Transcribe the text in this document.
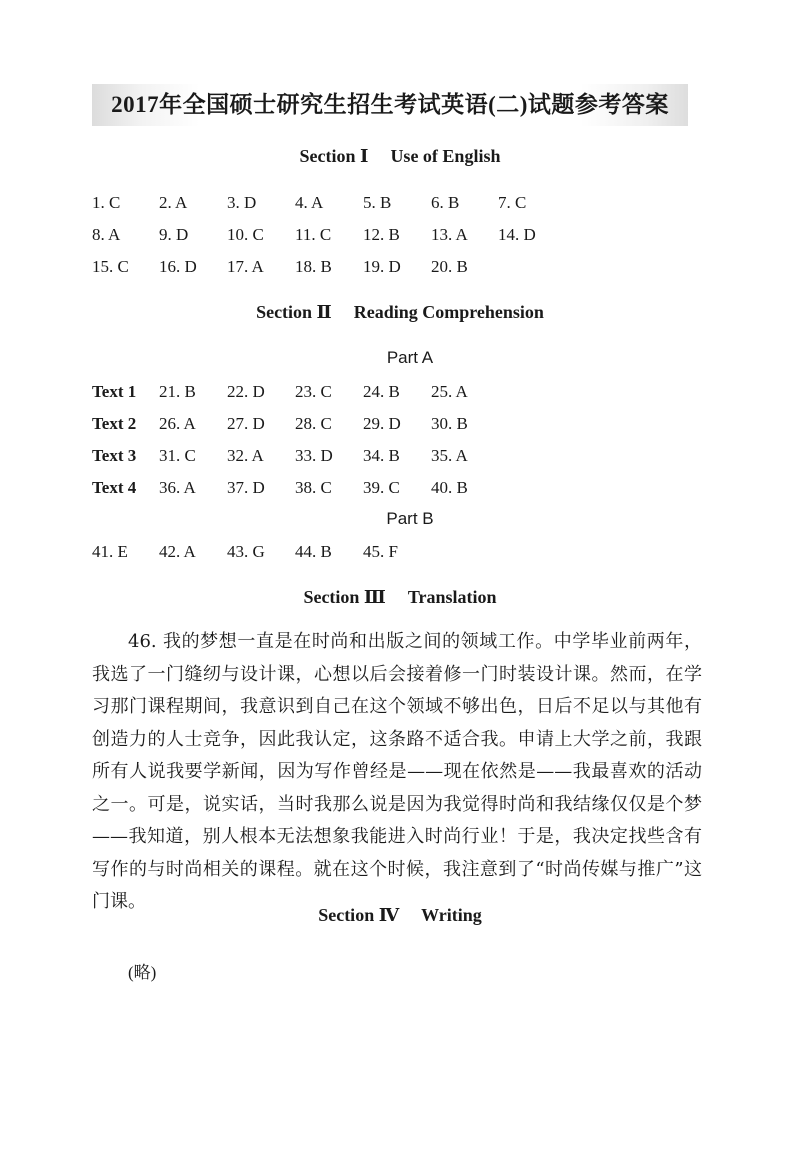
2017年全国硕士研究生招生考试英语(二)试题参考答案
Section Ⅰ Use of English
1. C 2. A 3. D 4. A 5. B 6. B 7. C
8. A 9. D 10. C 11. C 12. B 13. A 14. D
15. C 16. D 17. A 18. B 19. D 20. B
Section Ⅱ Reading Comprehension
Part A
Text 1 21. B 22. D 23. C 24. B 25. A
Text 2 26. A 27. D 28. C 29. D 30. B
Text 3 31. C 32. A 33. D 34. B 35. A
Text 4 36. A 37. D 38. C 39. C 40. B
Part B
41. E 42. A 43. G 44. B 45. F
Section Ⅲ Translation
46. 我的梦想一直是在时尚和出版之间的领域工作。中学毕业前两年，我选了一门缝纫与设计课，心想以后会接着修一门时装设计课。然而，在学习那门课程期间，我意识到自己在这个领域不够出色，日后不足以与其他有创造力的人士竞争，因此我认定，这条路不适合我。申请上大学之前，我跟所有人说我要学新闻，因为写作曾经是——现在依然是——我最喜欢的活动之一。可是，说实话，当时我那么说是因为我觉得时尚和我结缘仅仅是个梦——我知道，别人根本无法想象我能进入时尚行业！于是，我决定找些含有写作的与时尚相关的课程。就在这个时候，我注意到了“时尚传媒与推广”这门课。
Section Ⅳ Writing
(略)
